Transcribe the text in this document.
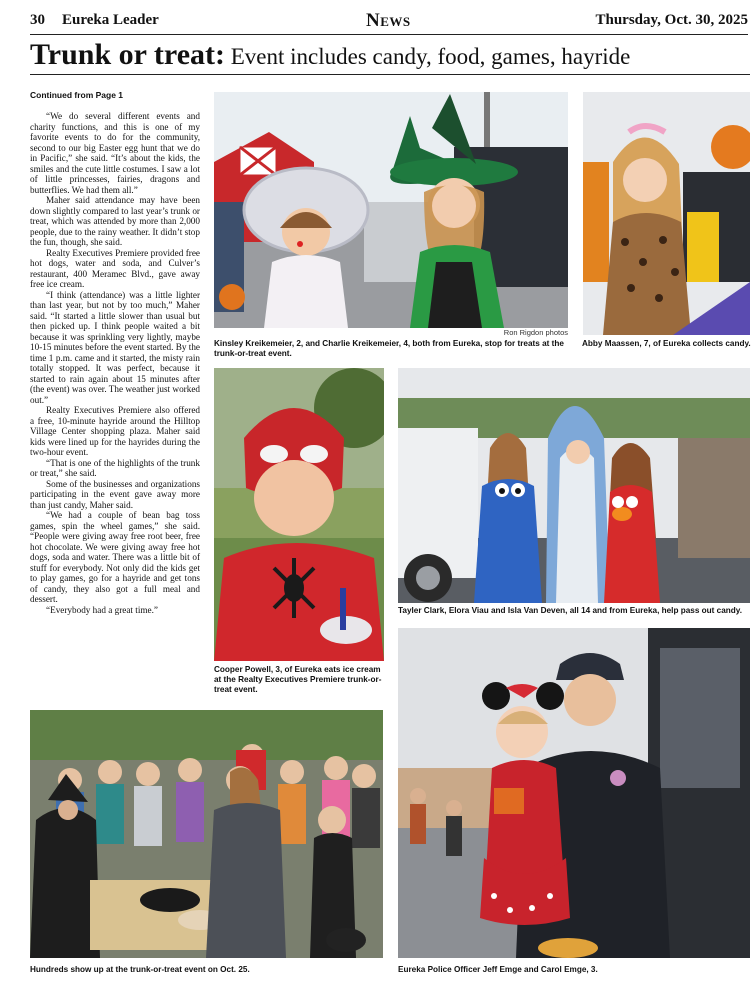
30 Eureka Leader	News	Thursday, Oct. 30, 2025
Trunk or treat: Event includes candy, food, games, hayride
Continued from Page 1

“We do several different events and charity functions, and this is one of my favorite events to do for the community, second to our big Easter egg hunt that we do in Pacific,” she said. “It’s about the kids, the smiles and the cute little costumes. I saw a lot of little princesses, fairies, dragons and butterflies. We had them all.”

Maher said attendance may have been down slightly compared to last year’s trunk or treat, which was attended by more than 2,000 people, due to the rainy weather. It didn’t stop the fun, though, she said.

Realty Executives Premiere provided free hot dogs, water and soda, and Culver’s restaurant, 400 Meramec Blvd., gave away free ice cream.

“I think (attendance) was a little lighter than last year, but not by too much,” Maher said. “It started a little slower than usual but then picked up. I think people waited a bit because it was sprinkling very lightly, maybe 10-15 minutes before the event started. By the time 1 p.m. came and it started, the misty rain totally stopped. It was perfect, because it started to rain again about 15 minutes after (the event) was over. The weather just worked out.”

Realty Executives Premiere also offered a free, 10-minute hayride around the Hilltop Village Center shopping plaza. Maher said kids were lined up for the hayrides during the two-hour event.

“That is one of the highlights of the trunk or treat,” she said.

Some of the businesses and organizations participating in the event gave away more than just candy, Maher said.

“We had a couple of bean bag toss games, spin the wheel games,” she said. “People were giving away free root beer, free hot chocolate. We were giving away free hot dogs, soda and water. There was a little bit of stuff for everybody. Not only did the kids get to play games, go for a hayride and get tons of candy, they also got a full meal and dessert.

“Everybody had a great time.”

Ron Rigdon photos
Kinsley Kreikemeier, 2, and Charlie Kreikemeier, 4, both from Eureka, stop for treats at the trunk-or-treat event.
Abby Maassen, 7, of Eureka collects candy.
Cooper Powell, 3, of Eureka eats ice cream at the Realty Executives Premiere trunk-or-treat event.
Tayler Clark, Elora Viau and Isla Van Deven, all 14 and from Eureka, help pass out candy.
Hundreds show up at the trunk-or-treat event on Oct. 25.	Eureka Police Officer Jeff Emge and Carol Emge, 3.
